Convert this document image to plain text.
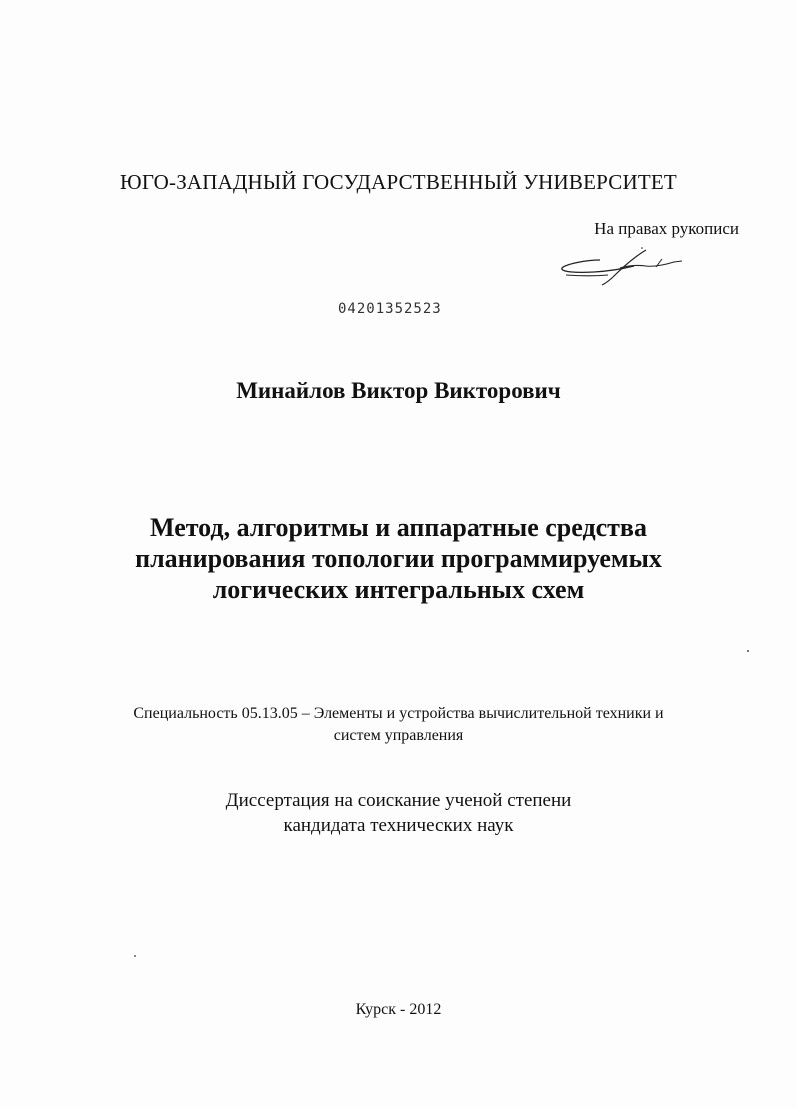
ЮГО-ЗАПАДНЫЙ ГОСУДАРСТВЕННЫЙ УНИВЕРСИТЕТ
На правах рукописи
04201352523
Минайлов Виктор Викторович
Метод, алгоритмы и аппаратные средства
планирования топологии программируемых
логических интегральных схем
Специальность 05.13.05 – Элементы и устройства вычислительной техники и
систем управления
Диссертация на соискание ученой степени
кандидата технических наук
Курск - 2012
